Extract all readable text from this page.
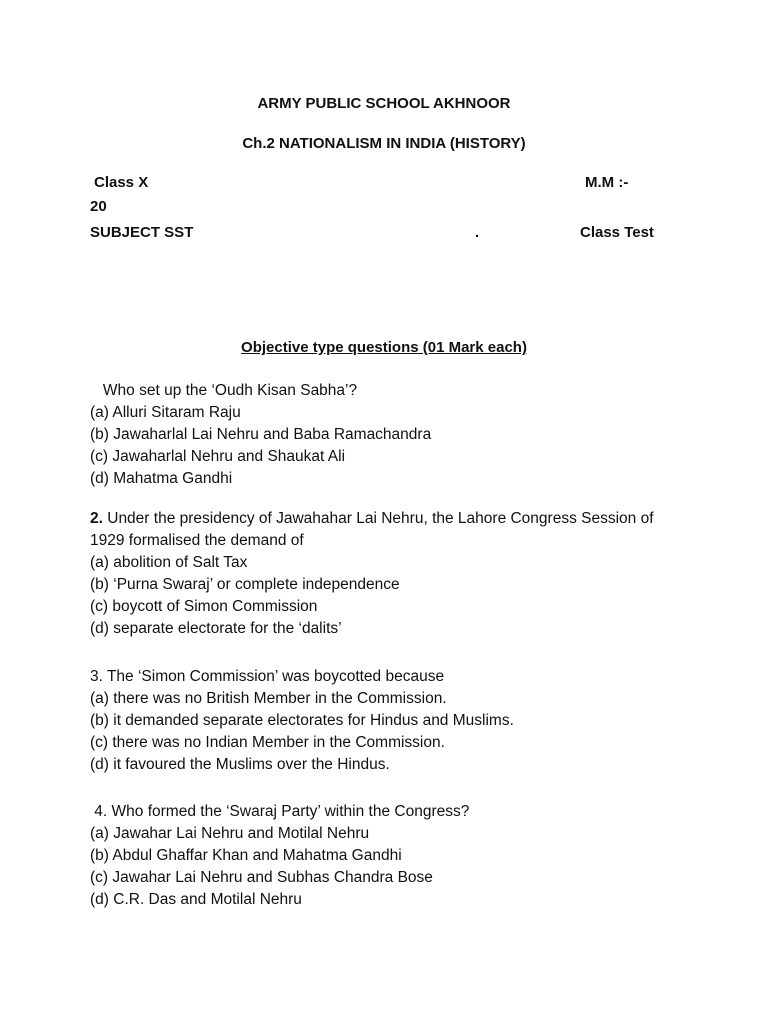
ARMY PUBLIC SCHOOL AKHNOOR
Ch.2 NATIONALISM IN INDIA (HISTORY)
Class X	M.M :-
20
SUBJECT SST	.	Class Test
Objective type questions (01 Mark each)
Who set up the ‘Oudh Kisan Sabha’?
(a) Alluri Sitaram Raju
(b) Jawaharlal Lai Nehru and Baba Ramachandra
(c) Jawaharlal Nehru and Shaukat Ali
(d) Mahatma Gandhi
2. Under the presidency of Jawahahar Lai Nehru, the Lahore Congress Session of
1929 formalised the demand of
(a) abolition of Salt Tax
(b) ‘Purna Swaraj’ or complete independence
(c) boycott of Simon Commission
(d) separate electorate for the ‘dalits’
3. The ‘Simon Commission’ was boycotted because
(a) there was no British Member in the Commission.
(b) it demanded separate electorates for Hindus and Muslims.
(c) there was no Indian Member in the Commission.
(d) it favoured the Muslims over the Hindus.
4. Who formed the ‘Swaraj Party’ within the Congress?
(a) Jawahar Lai Nehru and Motilal Nehru
(b) Abdul Ghaffar Khan and Mahatma Gandhi
(c) Jawahar Lai Nehru and Subhas Chandra Bose
(d) C.R. Das and Motilal Nehru
